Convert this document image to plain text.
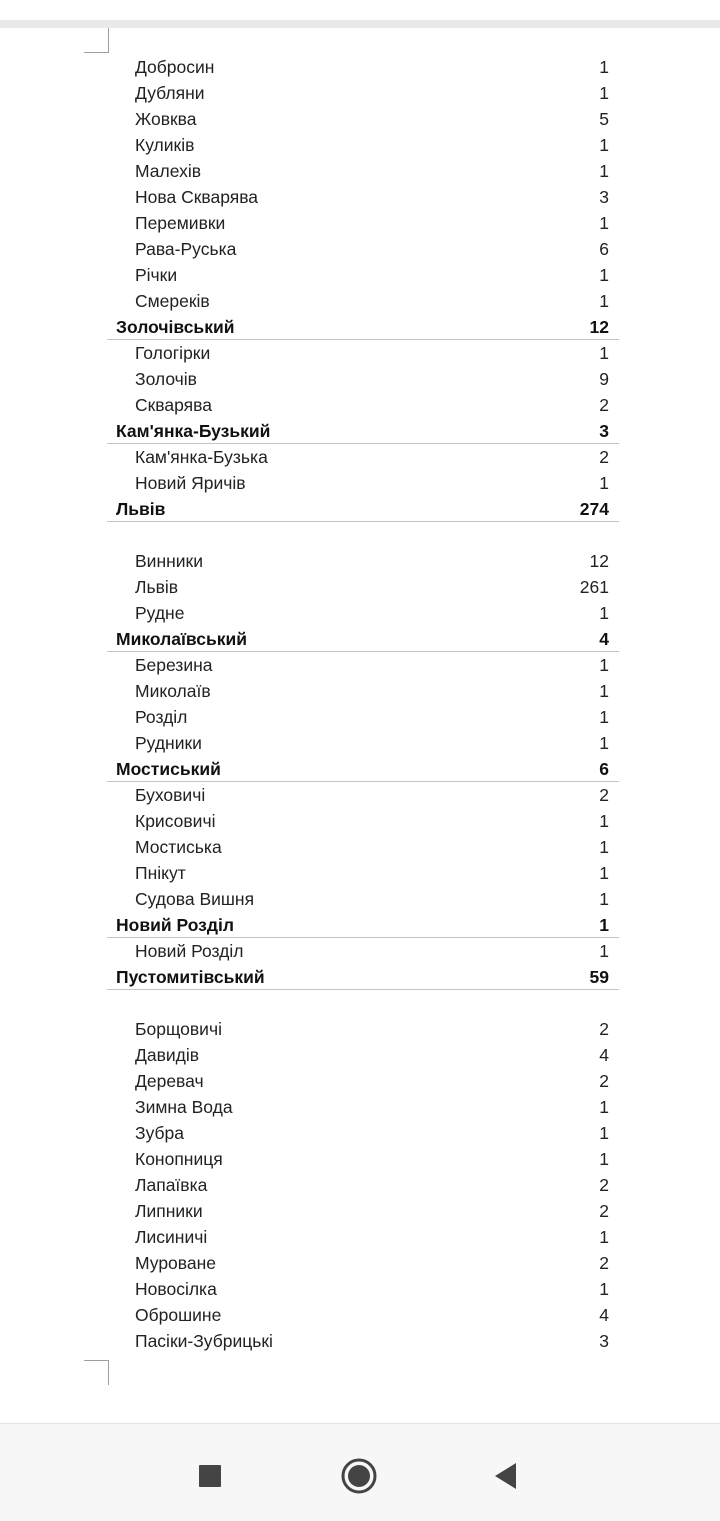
Добросин	1
Дубляни	1
Жовква	5
Куликів	1
Малехів	1
Нова Скварява	3
Перемивки	1
Рава-Руська	6
Річки	1
Смереків	1
Золочівський	12
Гологірки	1
Золочів	9
Скварява	2
Кам'янка-Бузький	3
Кам'янка-Бузька	2
Новий Яричів	1
Львів	274
Винники	12
Львів	261
Рудне	1
Миколаївський	4
Березина	1
Миколаїв	1
Розділ	1
Рудники	1
Мостиський	6
Буховичі	2
Крисовичі	1
Мостиська	1
Пнікут	1
Судова Вишня	1
Новий Розділ	1
Новий Розділ	1
Пустомитівський	59
Борщовичі	2
Давидів	4
Деревач	2
Зимна Вода	1
Зубра	1
Конопниця	1
Лапаївка	2
Липники	2
Лисиничі	1
Муроване	2
Новосілка	1
Оброшине	4
Пасіки-Зубрицькі	3
